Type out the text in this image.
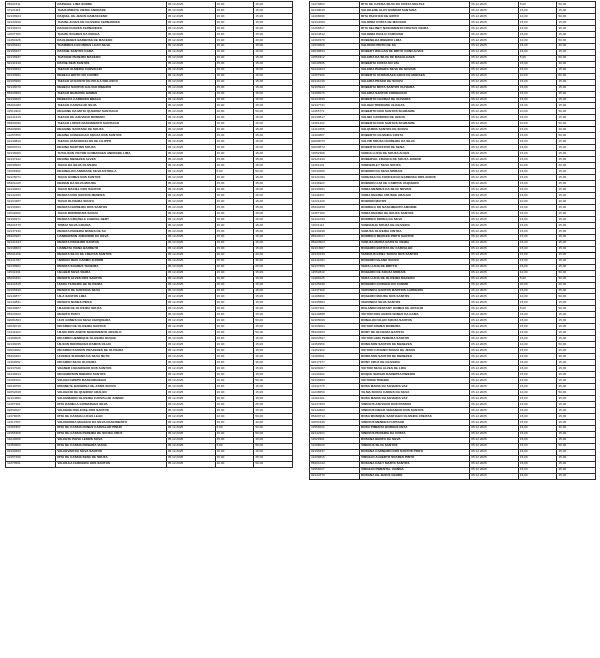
85201511	RAPHAEL LIMA SODRE	05.12.2025	15,00	15,00
97121115	THAIS MIRAYA VIEIRA ANDRADE	05.12.2025	15,00	15,00
92136924	RAQUEL DE JESUS DAMASCENO	05.12.2025	15,00	15,00
92120349	THAISE ALVES DE OLIVEIRA FERNANDES	05.12.2025	15,00	15,00
92136373	RAUAN CHAVES FERNANDES	05.12.2025	15,00	15,00
11537783	THAIZE SOARES DA ROCHA	05.12.2025	15,00	15,00
11453428	RAULDENES BARBOSA DE MACEDO	05.12.2025	15,00	40,00
92105424	THAMIRES FAGUNDES LEAO SILVA	05.12.2025	15,00	15,00
92105427	RAYANE SANTOS GAMA	05.12.2025	15,00	15,00
92136937	THAYANE PEREIRA MACEDO	05.12.2025	15,00	15,00
92141310	RAYNE REIS SANTOS	05.12.2025	15,00	15,00
92136634	THIAGO ALMEIDA CARVALHO	05.12.2025	15,00	15,00
92140991	REBECA BRITO DO CARMO	05.12.2025	15,00	15,00
92105990	THIAGO AUGUSTO DE PAULA NOLASCO	05.12.2025	15,00	15,00
92136070	REBECA SANTOS GALVAO RIBEIRO	05.12.2025	15,00	15,00
85200653	THIAGO BEZERRA GOMES	05.12.2025	15,00	15,00
92136625	REBECCA CARDOSO BRAGA	05.12.2025	15,00	15,00
85201080	THIAGO CARVALHO SILVA	05.12.2025	15,00	15,00
11510320	REGIANE DA MOTA QUEIROZ SANTIAGO	05.12.2025	10,00	50,00
92141315	THIAGO DE AZEVEDO MORENO	05.12.2025	15,00	15,00
85200092	THIAGO LOPES NASCIMENTO SANTIAGO	05.12.2025	15,00	15,00
85200096	REGIANE SANTANA DE SOUZA	05.12.2025	15,00	15,00
11257850	REGINA CONCEICAO SOUZA DOS SANTOS	05.12.2025	15,00	15,00
92138810	THIARA VASCONCELOS DE FILIPPO	05.12.2025	15,00	15,00
92008724	REGINA MARTINS SOUZA	05.12.2025	15,00	15,00
92136009	THYALSON VICTOR GUIMARAES ANDRADE LIMA	05.12.2025	15,00	15,00
92137442	REGINA MENEZES ALVES	05.12.2025	15,00	15,00
92038926	TIAGO DA SILVA OLIVEIRA	05.12.2025	15,00	15,00
11509392	REGINALDO ANDRADE SILVA ESTRELA	05.12.2025	5,00	50,00
92125071	TIAGO GOMES DOS SANTOS	05.12.2025	15,00	15,00
85201026	REINAN DA SILVA MOURA	05.12.2025	15,00	15,00
92138454	TIAGO MACIEL DOS SANTOS	05.12.2025	15,00	15,00
92142166	RENATA DOS SANTOS MENDES	05.12.2025	15,00	15,00
92104387	TIAGO OLIVEIRA SOUZA	05.12.2025	15,00	15,00
92136381	RENATA FERREIRA DOS SANTOS	05.12.2025	15,00	15,00
11532060	TIAGO RODRIGUES SOUZA	05.12.2025	15,00	45,00
92105271	RENATA GRAZIELE CABRAL NERY	05.12.2025	15,00	15,00
85201576	TOMAZ SILVA GOIANA	05.12.2025	15,00	15,00
92137332	RENATA PEREIRA NUNES DE SA	05.12.2025	15,00	15,00
85200967	UANDERSON JURANDIR DA SILVA	05.12.2025	15,00	15,00
92141434	RENATA PINHEIRO SANTOS	05.12.2025	15,00	15,00
92138603	UANNATA VIANA BARRETO	05.12.2025	15,00	15,00
85201169	RENATA SILVA DE FREITAS SANTOS	05.12.2025	20,00	20,00
92121787	UBIRACI REIS CARMO JUNIOR	05.12.2025	15,00	35,00
92139901	RENATA SOARES TEIXEIRA	05.12.2025	20,00	20,00
11532431	UELBER SILVA VIEIRA	05.12.2025	15,00	15,00
85200491	RENATO ALVES DOS SANTOS	05.12.2025	15,00	15,00
92121815	UIARA TEIXEIRA DE OLIVEIRA	05.12.2025	15,00	15,00
92105439	RENATO DE SANTANA SILVA	05.12.2025	15,00	15,00
92140877	UILA SANTOS LIMA	05.12.2025	15,00	15,00
92140831	RENATO NUNES PIRES	05.12.2025	15,00	15,00
92048487	UILIANS DE OLIVEIRA SOUZA	05.12.2025	15,00	15,00
85200463	RENATO PASTI	05.12.2025	15,00	15,00
92081863	ULIS GOMES DA SILVA CERQUEIRA	05.12.2025	15,00	50,00
92048719	RICARDO DE OLIVEIRA SANTOS	05.12.2025	15,00	15,00
11344123	UILMA DOS ANJOS NASCIMENTO ARGOLO	05.12.2025	15,00	50,00
11399028	RICARDO HENRIQUE OLIVEIRA DUQUE	05.12.2025	15,00	15,00
92136035	UILSON RODRIGUES RAMOS FILHO	05.12.2025	15,00	15,00
92004082	RICARDO KASSUS PRAZERES DE OLIVEIRA	05.12.2025	15,00	15,00
85200461	ULISSES SURIANO DA SILVA NETO	05.12.2025	15,00	15,00
11363052	RICARDO SILVA OLIVEIRA	05.12.2025	15,00	35,00
92137029	VAGNER FIGUEIREDO DOS SANTOS	05.12.2025	15,00	15,00
92136614	RICHARDSON RIBEIRO SANTOS	05.12.2025	15,00	15,00
11308724	VALDECI BISPO MASCARENHAS	05.12.2025	10,00	50,00
92048759	RISONETE BARBOSA DE ASSIS SOUZA	05.12.2025	15,00	15,00
92052638	VALDECIO DE QUEIROZ ARAUJO	05.12.2025	15,00	15,00
92104686	VALDEMARIO OLIVEIRA CARVALHO JUNIOR	05.12.2025	15,00	15,00
11457391	RITA DANIELA GUIMARAES SILVA	05.12.2025	15,00	25,00
92052027	VALDENILTON JOSE DOS SANTOS	05.12.2025	15,00	15,00
11379035	RITA DE CASSIA LUCAS LEAO	05.12.2025	10,00	50,00
11317667	VALDENORA MACEDO DA SILVA NASCIMENTO	05.12.2025	15,00	40,00
11304357	RITA DE CASSIA NUNES CARVALHO PINHO	05.12.2025	5,00	50,00
11356369	RITA DE CASSIA PEREIRA DE SOUSA CRUZ	05.12.2025	15,00	50,00
11643099	VALDETE PAIVA LEMOS SILVA	05.12.2025	15,00	15,00
11350604	RITA DE CASSIA ROSEIRA VIANA	05.12.2025	5,00	50,00
92109462	VALDEVAN DA SILVA SANTOS	05.12.2025	15,00	15,00
11367299	RITA DE CASSIA SENA DE SOUZA	05.12.2025	15,00	45,00
11370591	VALDILEA FERREIRA DOS SANTOS	05.12.2025	10,00	50,00
11473863	RITA DE CASSIA SILVA DA COSTA MALTEZ	05.12.2025	5,00	50,00
92138015	VALDILENE ELOY BOMFIM SANTANA	05.12.2025	15,00	15,00
11408099	RITA PACIFICO DE BRITO	05.12.2025	10,00	50,00
92104009	VALDINEI COSTA DE MACEDO	05.12.2025	15,00	15,00
11465817	RITA SELINEY NASCIMENTO FREITAS VIEIRA	05.12.2025	15,00	25,00
92104812	VALDINEI PAULO CARDOSO	05.12.2025	15,00	15,00
11394570	ROBENILDA RIBEIRO LIMA	05.12.2025	10,00	50,00
11530828	VALDIVIO PINTO DE SA	05.12.2025	15,00	40,00
92048844	ROBERT WILLIAN DE BRITO GONCALVES	05.12.2025	15,00	15,00
11553312	VALERIA DA SILVA DE MAGALHAES	05.12.2025	5,00	50,00
11643595	ROBERTA COSTA DO VAL	05.12.2025	15,00	30,00
92140424	VALERIA PEREIRA SILVA DE NOVAIS	05.12.2025	15,00	15,00
11367909	ROBERTA GUIMARAES GOES DE MORAES	05.12.2025	10,00	50,00
92141016	VALERIA PRADO DE SOUZA	05.12.2025	15,00	15,00
92105943	ROBERTA MOTA SANTOS OLIVEIRA	05.12.2025	15,00	15,00
11390076	VALERIA SANTOS CORBACHO	05.12.2025	15,00	35,00
92104936	ROBERTO CEDRAZ DE OLIVEIRA	05.12.2025	15,00	15,00
92137731	VALKER TRINDADE CHAGAS	05.12.2025	15,00	15,00
11365771	ROBERTO DOS SANTOS SCHRAMM	05.12.2025	10,00	50,00
92138517	VALNEI CARDOSO DE JESUS	05.12.2025	15,00	15,00
11381443	ROBERTO DOS SANTOS SCHRAMM	05.12.2025	10,00	50,00
11410458	VALQUIRIA SANTOS DE SOUZA	05.12.2025	15,00	40,00
11460887	ROBERTO OLIVEIRA COSTA	05.12.2025	15,00	50,00
92008079	VALVIR SOUSA FERREIRA DA SILVA	05.12.2025	15,00	15,00
92008872	ROBERTO PASTOR DE SENA	05.12.2025	15,00	15,00
11552398	VANDA LUCIA DE SOUZA ALVES	05.12.2025	15,00	15,00
92121910	ROBERVAL FRANCA DE SOUZA JUNIOR	05.12.2025	15,00	15,00
11451131	VANDERLEY SILVA SOUZA	05.12.2025	10,00	40,00
11540289	ROBSON DA SILVA MORAIS	05.12.2025	15,00	15,00
92121060	VANESSA DA CONCEICAO BARBOSA DOS ANJOS	05.12.2025	15,00	15,00
11346923	ROBSON LUIZ DE CAMPOS VAQUEIRO	05.12.2025	15,00	15,00
92136991	VANIA MENDES DA SILVA NOVAIS	05.12.2025	15,00	15,00
11346457	VANIA REGINA CRUSOE ARAUJO	05.12.2025	15,00	15,00
11421229	ROBSON MATOS	05.12.2025	10,00	40,00
85200458	RODRIGO DO NASCIMENTO AMORIM	05.12.2025	15,00	15,00
11357109	VANIA REGINA DE SOUZA SANTOS	05.12.2025	15,00	15,00
92121043	RODRIGO DOREA DA SILVA	05.12.2025	15,00	15,00
11531113	VANNADJA SOUZA DE OLIVEIRA	05.12.2025	15,00	25,00
92139298	VANUSA OLIVEIRA CINTRA	05.12.2025	15,00	15,00
85200017	RODRIGO MERCES PINTO SANTOS	05.12.2025	15,00	15,00
85200524	VANUZA MARIA BATISTA VIEIRA	05.12.2025	15,00	15,00
92104967	ROGERIO BATISTA DE CARVALHO	05.12.2025	15,00	15,00
92140139	VENICIUS ERIEL SOUZA DOS SANTOS	05.12.2025	15,00	15,00
92141061	ROGERIO BLANK SOUZA	05.12.2025	15,00	15,00
92137650	VERA LUCIA DE BRITTO	05.12.2025	15,00	15,00
11552840	ROGERIO DE SOUZA MORAIS	05.12.2025	10,00	50,00
11384025	VERA LUCIA DE OLIVEIRA MACEDO	05.12.2025	5,00	50,00
92125338	ROGERIO GUSMAO DO CARMO	05.12.2025	20,00	20,00
11347369	VERONICA SANTOS MARTINS CARNEIRO	05.12.2025	15,00	25,00
11408669	ROGERIO MOURA DOS SANTOS	05.12.2025	10,00	50,00
92105584	VERONICA SILVA SANTOS	05.12.2025	15,00	15,00
11367361	ROLANDO RESTANY GOMES DE ARAUJO	05.12.2025	5,00	50,00
92140888	VICTOR DOS ANJOS NUNES DA GAMA	05.12.2025	15,00	15,00
92105099	RONALDO FILHO SOUZA SANTOS	05.12.2025	15,00	15,00
92106094	VICTOR GOMES MOREIRA	05.12.2025	15,00	15,00
85200253	RONY DE OLIVEIRA BATISTA	05.12.2025	15,00	15,00
92002697	VICTOR LIMA PEREIRA SANTOS	05.12.2025	15,00	15,00
11353950	RONILSON SANTOS DE MENEZES	05.12.2025	10,00	50,00
11452303	VICTOR LUCIANO SOUZA DE JESUS	05.12.2025	15,00	45,00
11380591	RONILSON SANTOS DE MENEZES	05.12.2025	15,00	45,00
92017377	RONY CRUZ DE OLIVEIRA	05.12.2025	15,00	15,00
92106007	VICTOR SILVA ALVES DE LIRA	05.12.2025	15,00	15,00
11343262	ROQUE SERGIO BARBOSA RIBEIRO	05.12.2025	15,00	45,00
92105683	VICTORIA TRIEBIG	05.12.2025	15,00	15,00
11342776	ROSA MARIA DA SILVEIRA VAZ	05.12.2025	15,00	35,00
11238650	VILMA SOUZA CAIRES DA SILVA	05.12.2025	10,00	50,00
11364191	ROSA MARIA DA SILVEIRA VAZ	05.12.2025	15,00	35,00
92137453	VINICIUS AZEVEDO DOS PASSOS	05.12.2025	15,00	15,00
92142600	VINICIUS DIEGO VENANCIO DOS SANTOS	05.12.2025	15,00	15,00
85200713	ROSA MONIQUE SANTIAGO OLIVEIRA FREITAS	05.12.2025	15,00	15,00
92051546	VINICIUS MENDES FURTADO	05.12.2025	15,00	15,00
11553044	ROSA PIMENTA BORGES NETA	05.12.2025	15,00	30,00
92142321	VINICIUS PEREIRA DA COSTA	05.12.2025	15,00	15,00
11529361	ROSANA BENTO DA SILVA	05.12.2025	15,00	15,00
11399029	VINICIUS SILVA SANTOS	05.12.2025	15,00	50,00
92105437	ROSANA CARNEIRO DOS SANTOS PINTO	05.12.2025	15,00	15,00
11339816	VIRGILIO ALBERTO SOARES PINTO	05.12.2025	15,00	15,00
85201012	ROSANA DAILY MARTA SANTOS	05.12.2025	15,00	15,00
11553027	VIRGILIO PIMENTEL VIANNA	05.12.2025	15,00	45,00
92142476	ROSANA DE JESUS CEDRO	05.12.2025	15,00	15,00
